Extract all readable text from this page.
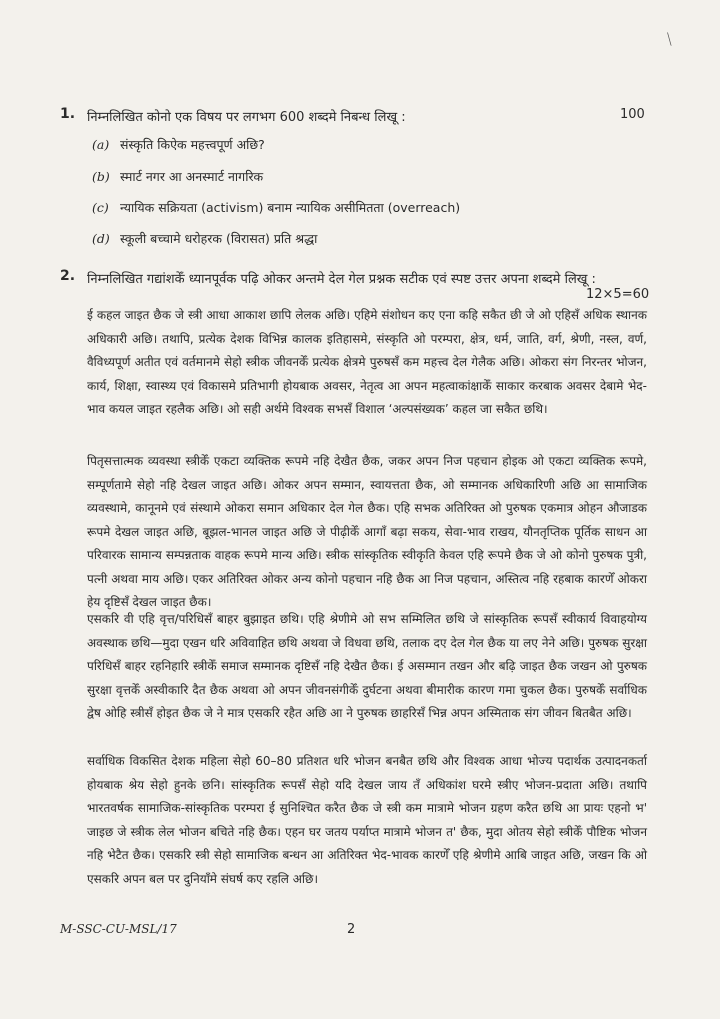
⟍
1. निम्नलिखित कोनो एक विषय पर लगभग 600 शब्दमे निबन्ध लिखू :	100
(a) संस्कृति किऐक महत्त्वपूर्ण अछि?
(b) स्मार्ट नगर आ अनस्मार्ट नागरिक
(c) न्यायिक सक्रियता (activism) बनाम न्यायिक असीमितता (overreach)
(d) स्कूली बच्चामे धरोहरक (विरासत) प्रति श्रद्धा
2. निम्नलिखित गद्यांशकेँ ध्यानपूर्वक पढ़ि ओकर अन्तमे देल गेल प्रश्नक सटीक एवं स्पष्ट उत्तर अपना शब्दमे लिखू :
12×5=60

ई कहल जाइत छैक जे स्त्री आधा आकाश छापि लेलक अछि। एहिमे संशोधन कए एना कहि सकैत छी जे ओ एहिसँ अधिक स्थानक अधिकारी अछि। तथापि, प्रत्येक देशक विभिन्न कालक इतिहासमे, संस्कृति ओ परम्परा, क्षेत्र, धर्म, जाति, वर्ग, श्रेणी, नस्ल, वर्ण, वैविध्यपूर्ण अतीत एवं वर्तमानमे सेहो स्त्रीक जीवनकेँ प्रत्येक क्षेत्रमे पुरुषसँ कम महत्त्व देल गेलैक अछि। ओकरा संग निरन्तर भोजन, कार्य, शिक्षा, स्वास्थ्य एवं विकासमे प्रतिभागी होयबाक अवसर, नेतृत्व आ अपन महत्वाकांक्षाकेँ साकार करबाक अवसर देबामे भेद-भाव कयल जाइत रहलैक अछि। ओ सही अर्थमे विश्वक सभसँ विशाल ‘अल्पसंख्यक’ कहल जा सकैत छथि।

पितृसत्तात्मक व्यवस्था स्त्रीकेँ एकटा व्यक्तिक रूपमे नहि देखैत छैक, जकर अपन निज पहचान होइक ओ एकटा व्यक्तिक रूपमे, सम्पूर्णतामे सेहो नहि देखल जाइत अछि। ओकर अपन सम्मान, स्वायत्तता छैक, ओ सम्मानक अधिकारिणी अछि आ सामाजिक व्यवस्थामे, कानूनमे एवं संस्थामे ओकरा समान अधिकार देल गेल छैक। एहि सभक अतिरिक्त ओ पुरुषक एकमात्र ओहन औजाडक रूपमे देखल जाइत अछि, बूझल-भानल जाइत अछि जे पीढ़ीकेँ आगाँ बढ़ा सकय, सेवा-भाव राखय, यौनतृप्तिक पूर्तिक साधन आ परिवारक सामान्य सम्पन्नताक वाहक रूपमे मान्य अछि। स्त्रीक सांस्कृतिक स्वीकृति केवल एहि रूपमे छैक जे ओ कोनो पुरुषक पुत्री, पत्नी अथवा माय अछि। एकर अतिरिक्त ओकर अन्य कोनो पहचान नहि छैक आ निज पहचान, अस्तित्व नहि रहबाक कारणेँ ओकरा हेय दृष्टिसँ देखल जाइत छैक।

एसकरि वी एहि वृत्त/परिधिसँ बाहर बुझाइत छथि। एहि श्रेणीमे ओ सभ सम्मिलित छथि जे सांस्कृतिक रूपसँ स्वीकार्य विवाहयोग्य अवस्थाक छथि—मुदा एखन धरि अविवाहित छथि अथवा जे विधवा छथि, तलाक दए देल गेल छैक या लए नेने अछि। पुरुषक सुरक्षा परिधिसँ बाहर रहनिहारि स्त्रीकेँ समाज सम्मानक दृष्टिसँ नहि देखैत छैक। ई असम्मान तखन और बढ़ि जाइत छैक जखन ओ पुरुषक सुरक्षा वृत्तकेँ अस्वीकारि दैत छैक अथवा ओ अपन जीवनसंगीकेँ दुर्घटना अथवा बीमारीक कारण गमा चुकल छैक। पुरुषकेँ सर्वाधिक द्वेष ओहि स्त्रीसँ होइत छैक जे ने मात्र एसकरि रहैत अछि आ ने पुरुषक छाहरिसँ भिन्न अपन अस्मिताक संग जीवन बितबैत अछि।

सर्वाधिक विकसित देशक महिला सेहो 60–80 प्रतिशत धरि भोजन बनबैत छथि और विश्वक आधा भोज्य पदार्थक उत्पादनकर्ता होयबाक श्रेय सेहो हुनके छनि। सांस्कृतिक रूपसँ सेहो यदि देखल जाय तँ अधिकांश घरमे स्त्रीए भोजन-प्रदाता अछि। तथापि भारतवर्षक सामाजिक-सांस्कृतिक परम्परा ई सुनिश्चित करैत छैक जे स्त्री कम मात्रामे भोजन ग्रहण करैत छथि आ प्रायः एहनो भ' जाइछ जे स्त्रीक लेल भोजन बचिते नहि छैक। एहन घर जतय पर्याप्त मात्रामे भोजन त' छैक, मुदा ओतय सेहो स्त्रीकेँ पौष्टिक भोजन नहि भेटैत छैक। एसकरि स्त्री सेहो सामाजिक बन्धन आ अतिरिक्त भेद-भावक कारणेँ एहि श्रेणीमे आबि जाइत अछि, जखन कि ओ एसकरि अपन बल पर दुनियाँमे संघर्ष कए रहलि अछि।

M-SSC-CU-MSL/17	2
